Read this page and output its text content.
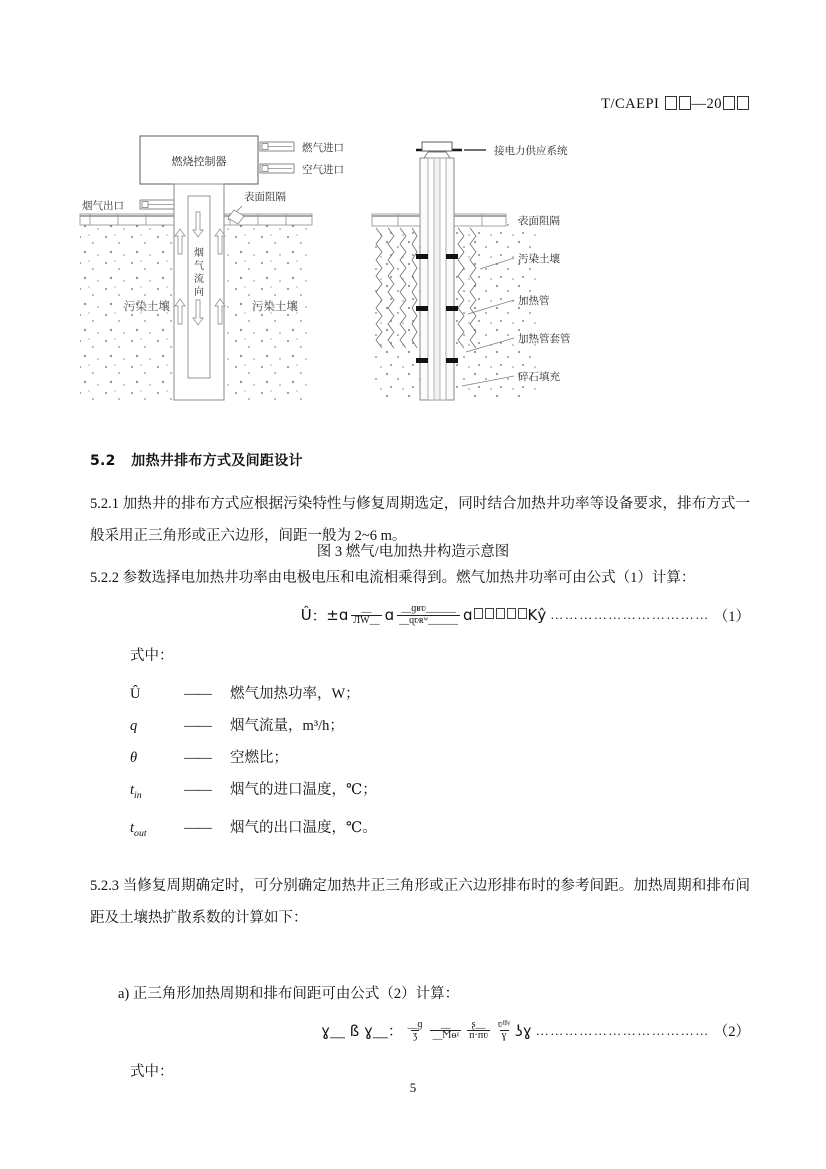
T/CAEPI —20
燃烧控制器
燃气进口
空气进口
烟气出口
表面阻隔
烟
气
流
向
污染土壤	污染土壤
接电力供应系统
表面阻隔
污染土壤
加热管
加热管套管
碎石填充
图 3 燃气/电加热井构造示意图
5.2 加热井排布方式及间距设计

5.2.1 加热井的排布方式应根据污染特性与修复周期选定，同时结合加热井功率等设备要求，排布方式一般采用正三角形或正六边形，间距一般为 2~6 m。

5.2.2 参数选择电加热井功率由电极电压和电流相乘得到。燃气加热井功率可由公式（1）计算：

Û ： ± ɑ $\frac{⸏}{ЛW⸏}$ ɑ $\frac{\text{⸏ɡʁʋ⸏⸏⸏}}{\text{⸏ɋʋʀʷ⸏⸏⸏}}$ ɑ	K ŷ …………………………… （1）
式中：
Û	——	燃气加热功率，W；
q	——	烟气流量，m³/h；
θ	——	空燃比；
$t_{in}$	——	烟气的进口温度，℃；
$t_{out}$	——	烟气的出口温度，℃。

5.2.3 当修复周期确定时，可分别确定加热井正三角形或正六边形排布时的参考间距。加热周期和排布间距及土壤热扩散系数的计算如下：

a) 正三角形加热周期和排布间距可由公式（2）计算：
ɣ⸏ ß ɣ⸏ ： $\frac{\text{⸏ɡ}}{\text{ʒ}} \frac{⸏}{\text{⸏Ϻөᵡ}} \frac{\text{ʂ⸏}}{\text{ᴨ·ᴨʋ}} \frac{\text{ʋᶠᵝᵞ}}{\text{ɣ}}$ ʖɣ ……………………………… （2）
式中：
5
